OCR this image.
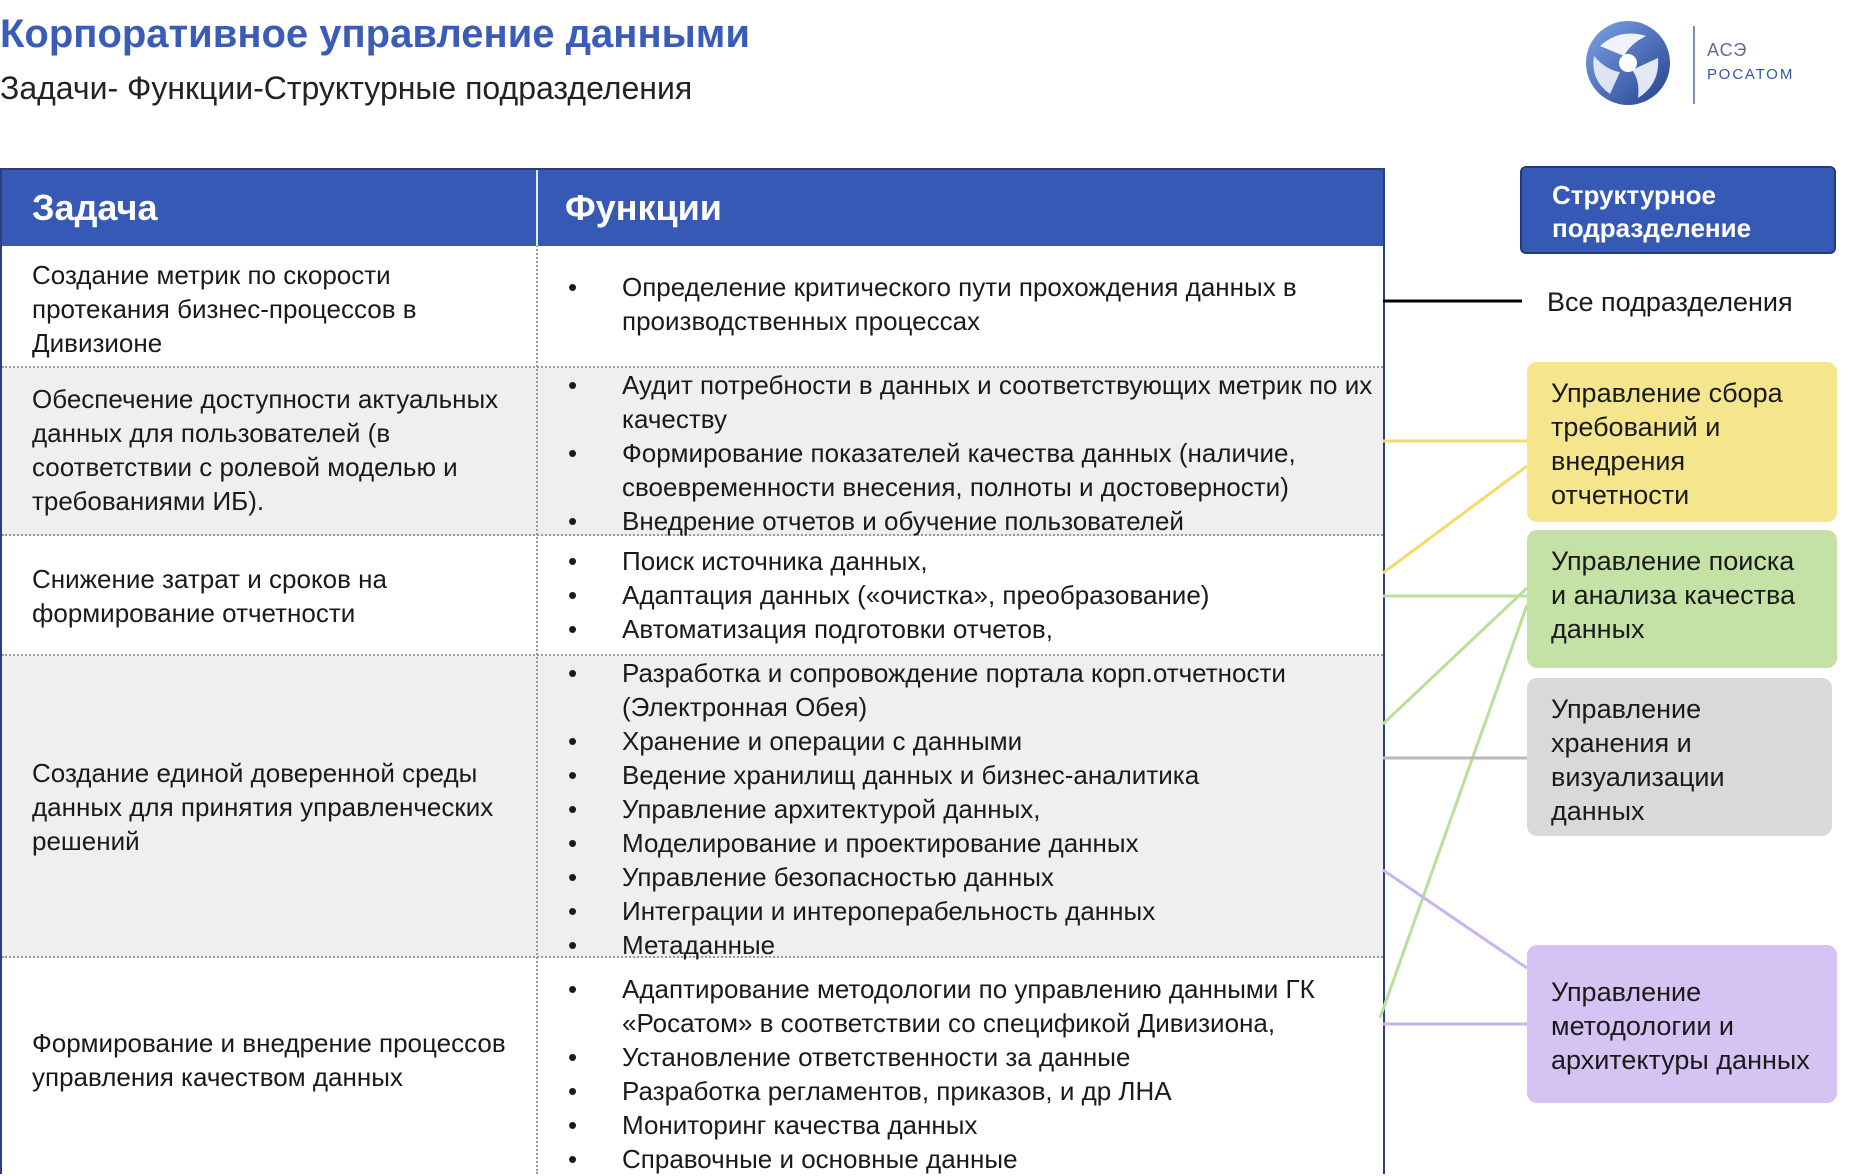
Корпоративное управление данными
Задачи- Функции-Структурные подразделения
АСЭ
РОСАТОМ
Задача	Функции
Создание метрик по скорости протекания бизнес-процессов в Дивизионе
• Определение критического пути прохождения данных в производственных процессах
Обеспечение доступности актуальных данных для пользователей (в соответствии с ролевой моделью и требованиями ИБ).
• Аудит потребности в данных и соответствующих метрик по их качеству
• Формирование показателей качества данных (наличие, своевременности внесения, полноты и достоверности)
• Внедрение отчетов и обучение пользователей
Снижение затрат и сроков на формирование отчетности
• Поиск источника данных,
• Адаптация данных («очистка», преобразование)
• Автоматизация подготовки отчетов,
Создание единой доверенной среды данных для принятия управленческих решений
• Разработка и сопровождение портала корп.отчетности (Электронная Обея)
• Хранение и операции с данными
• Ведение хранилищ данных и бизнес-аналитика
• Управление архитектурой данных,
• Моделирование и проектирование данных
• Управление безопасностью данных
• Интеграции и интероперабельность данных
• Метаданные
Формирование и внедрение процессов управления качеством данных
• Адаптирование методологии по управлению данными ГК «Росатом» в соответствии со спецификой Дивизиона,
• Установление ответственности за данные
• Разработка регламентов, приказов, и др ЛНА
• Мониторинг качества данных
• Справочные и основные данные
Структурное подразделение
Все подразделения
Управление сбора требований и внедрения отчетности
Управление поиска и анализа качества данных
Управление хранения и визуализации данных
Управление методологии и архитектуры данных
